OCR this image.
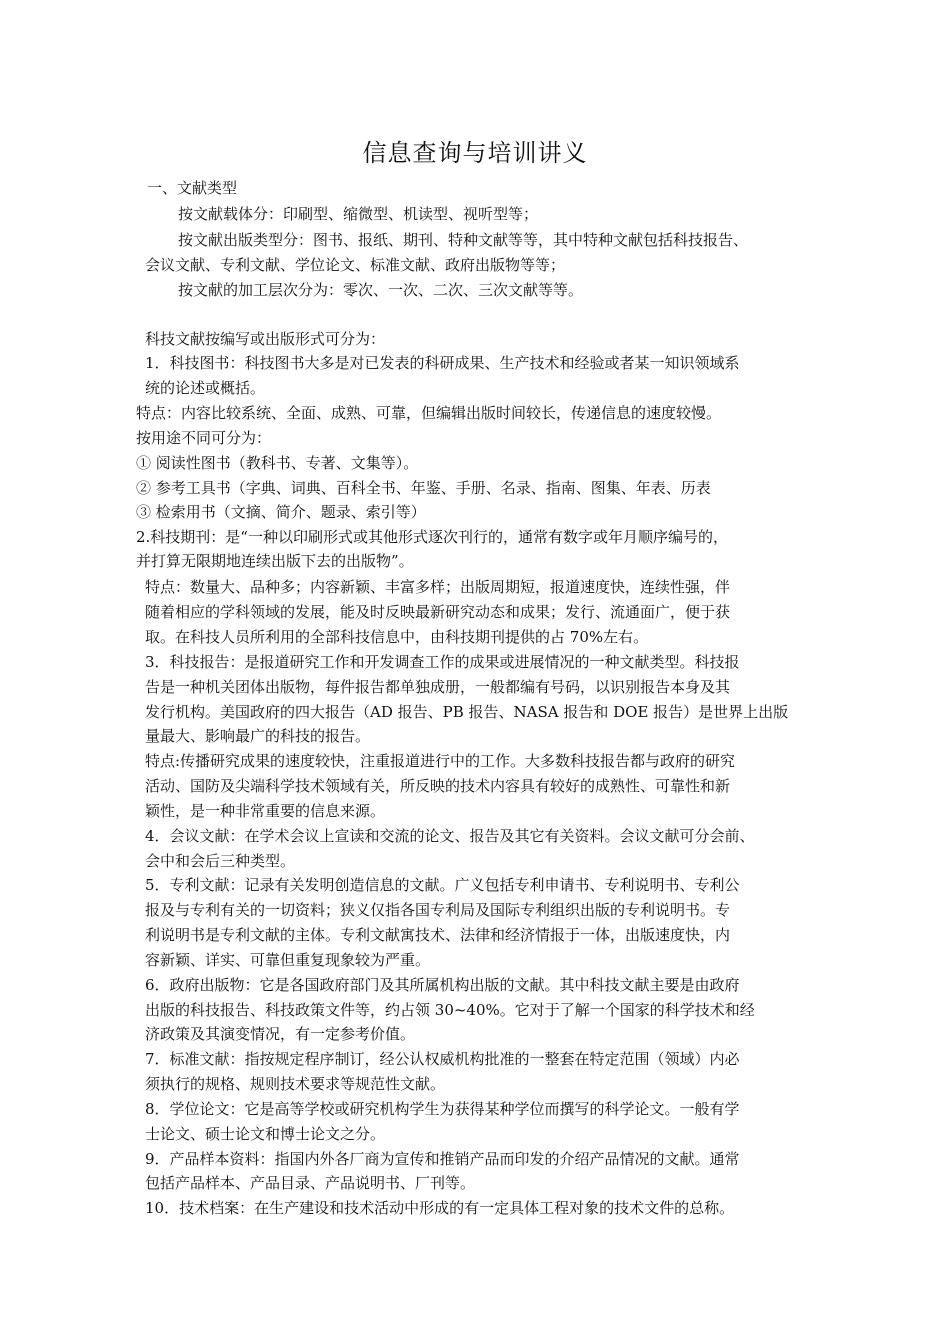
信息查询与培训讲义
一、文献类型
按文献载体分：印刷型、缩微型、机读型、视听型等；
按文献出版类型分：图书、报纸、期刊、特种文献等等，其中特种文献包括科技报告、
会议文献、专利文献、学位论文、标准文献、政府出版物等等；
按文献的加工层次分为：零次、一次、二次、三次文献等等。
科技文献按编写或出版形式可分为：
1．科技图书：科技图书大多是对已发表的科研成果、生产技术和经验或者某一知识领域系
统的论述或概括。
特点：内容比较系统、全面、成熟、可靠，但编辑出版时间较长，传递信息的速度较慢。
按用途不同可分为：
① 阅读性图书（教科书、专著、文集等）。
② 参考工具书（字典、词典、百科全书、年鉴、手册、名录、指南、图集、年表、历表
③ 检索用书（文摘、简介、题录、索引等）
2.科技期刊：是“一种以印刷形式或其他形式逐次刊行的，通常有数字或年月顺序编号的，
并打算无限期地连续出版下去的出版物”。
特点：数量大、品种多；内容新颖、丰富多样；出版周期短，报道速度快，连续性强，伴
随着相应的学科领域的发展，能及时反映最新研究动态和成果；发行、流通面广，便于获
取。在科技人员所利用的全部科技信息中，由科技期刊提供的占 70%左右。
3．科技报告：是报道研究工作和开发调查工作的成果或进展情况的一种文献类型。科技报
告是一种机关团体出版物，每件报告都单独成册，一般都编有号码，以识别报告本身及其
发行机构。美国政府的四大报告（AD 报告、PB 报告、NASA 报告和 DOE 报告）是世界上出版
量最大、影响最广的科技的报告。
特点:传播研究成果的速度较快，注重报道进行中的工作。大多数科技报告都与政府的研究
活动、国防及尖端科学技术领域有关，所反映的技术内容具有较好的成熟性、可靠性和新
颖性，是一种非常重要的信息来源。
4．会议文献：在学术会议上宣读和交流的论文、报告及其它有关资料。会议文献可分会前、
会中和会后三种类型。
5．专利文献：记录有关发明创造信息的文献。广义包括专利申请书、专利说明书、专利公
报及与专利有关的一切资料；狭义仅指各国专利局及国际专利组织出版的专利说明书。专
利说明书是专利文献的主体。专利文献寓技术、法律和经济情报于一体，出版速度快，内
容新颖、详实、可靠但重复现象较为严重。
6．政府出版物：它是各国政府部门及其所属机构出版的文献。其中科技文献主要是由政府
出版的科技报告、科技政策文件等，约占领 30~40%。它对于了解一个国家的科学技术和经
济政策及其演变情况，有一定参考价值。
7．标准文献：指按规定程序制订，经公认权威机构批准的一整套在特定范围（领域）内必
须执行的规格、规则技术要求等规范性文献。
8．学位论文：它是高等学校或研究机构学生为获得某种学位而撰写的科学论文。一般有学
士论文、硕士论文和博士论文之分。
9．产品样本资料：指国内外各厂商为宣传和推销产品而印发的介绍产品情况的文献。通常
包括产品样本、产品目录、产品说明书、厂刊等。
10．技术档案：在生产建设和技术活动中形成的有一定具体工程对象的技术文件的总称。
